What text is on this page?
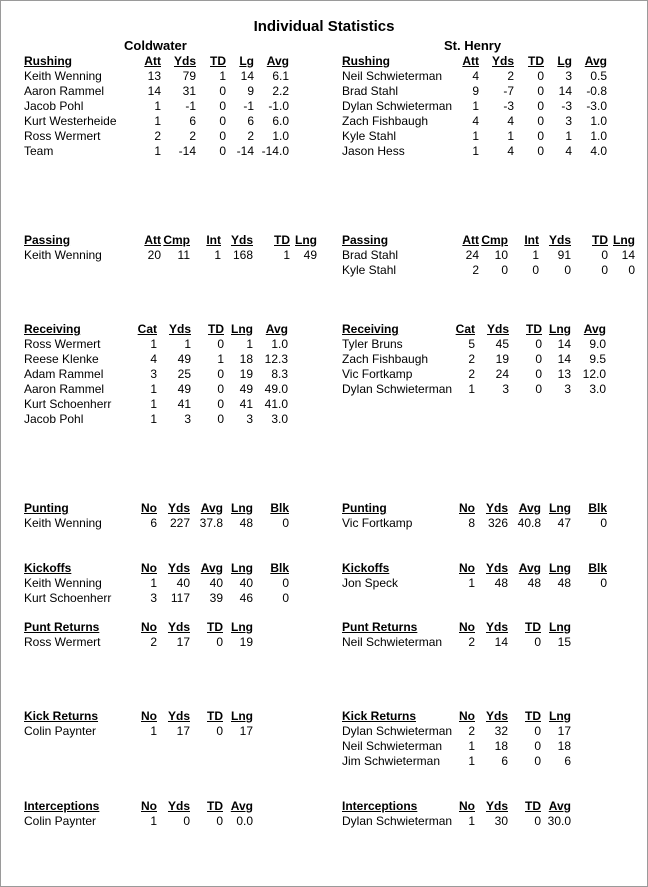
Individual Statistics
Coldwater	St. Henry
Rushing	Att Yds TD Lg Avg
Keith Wenning	13 79 1 14 6.1
Aaron Rammel	14 31 0 9 2.2
Jacob Pohl	1 -1 0 -1 -1.0
Kurt Westerheide	1 6 0 6 6.0
Ross Wermert	2 2 0 2 1.0
Team	1 -14 0 -14 -14.0
Rushing	Att Yds TD Lg Avg
Neil Schwieterman	4 2 0 3 0.5
Brad Stahl	9 -7 0 14 -0.8
Dylan Schwieterman 1 -3 0 -3 -3.0
Zach Fishbaugh	4 4 0 3 1.0
Kyle Stahl	1 1 0 1 1.0
Jason Hess	1 4 0 4 4.0
Passing	Att Cmp Int Yds TD Lng
Keith Wenning	20 11 1 168	1 49
Passing	Att Cmp Int Yds TD Lng
Brad Stahl	24 10 1 91	0 14
Kyle Stahl	2 0 0 0	0 0
Receiving	Cat Yds TD Lng Avg
Ross Wermert	1 1 0 1 1.0
Reese Klenke	4 49 1 18 12.3
Adam Rammel	3 25 0 19 8.3
Aaron Rammel	1 49 0 49 49.0
Kurt Schoenherr	1 41 0 41 41.0
Jacob Pohl	1 3 0 3 3.0
Receiving	Cat Yds TD Lng Avg
Tyler Bruns	5 45 0 14 9.0
Zach Fishbaugh	2 19 0 14 9.5
Vic Fortkamp	2 24 0 13 12.0
Dylan Schwieterman 1 3 0 3 3.0
Punting	No Yds Avg Lng Blk
Keith Wenning	6 227 37.8 48 0
Punting	No Yds Avg Lng Blk
Vic Fortkamp	8 326 40.8 47 0
Kickoffs	No Yds Avg Lng Blk
Keith Wenning	1 40 40 40 0
Kurt Schoenherr	3 117 39 46 0
Kickoffs	No Yds Avg Lng Blk
Jon Speck	1 48 48 48 0
Punt Returns	No Yds TD Lng
Ross Wermert	2 17 0 19
Punt Returns	No Yds TD Lng
Neil Schwieterman 2 14 0 15
Kick Returns	No Yds TD Lng
Colin Paynter	1 17 0 17
Kick Returns	No Yds TD Lng
Dylan Schwieterman 2 32 0 17
Neil Schwieterman 1 18 0 18
Jim Schwieterman 1 6 0 6
Interceptions	No Yds TD Avg
Colin Paynter	1 0 0 0.0
Interceptions	No Yds TD Avg
Dylan Schwieterman 1 30 0 30.0
